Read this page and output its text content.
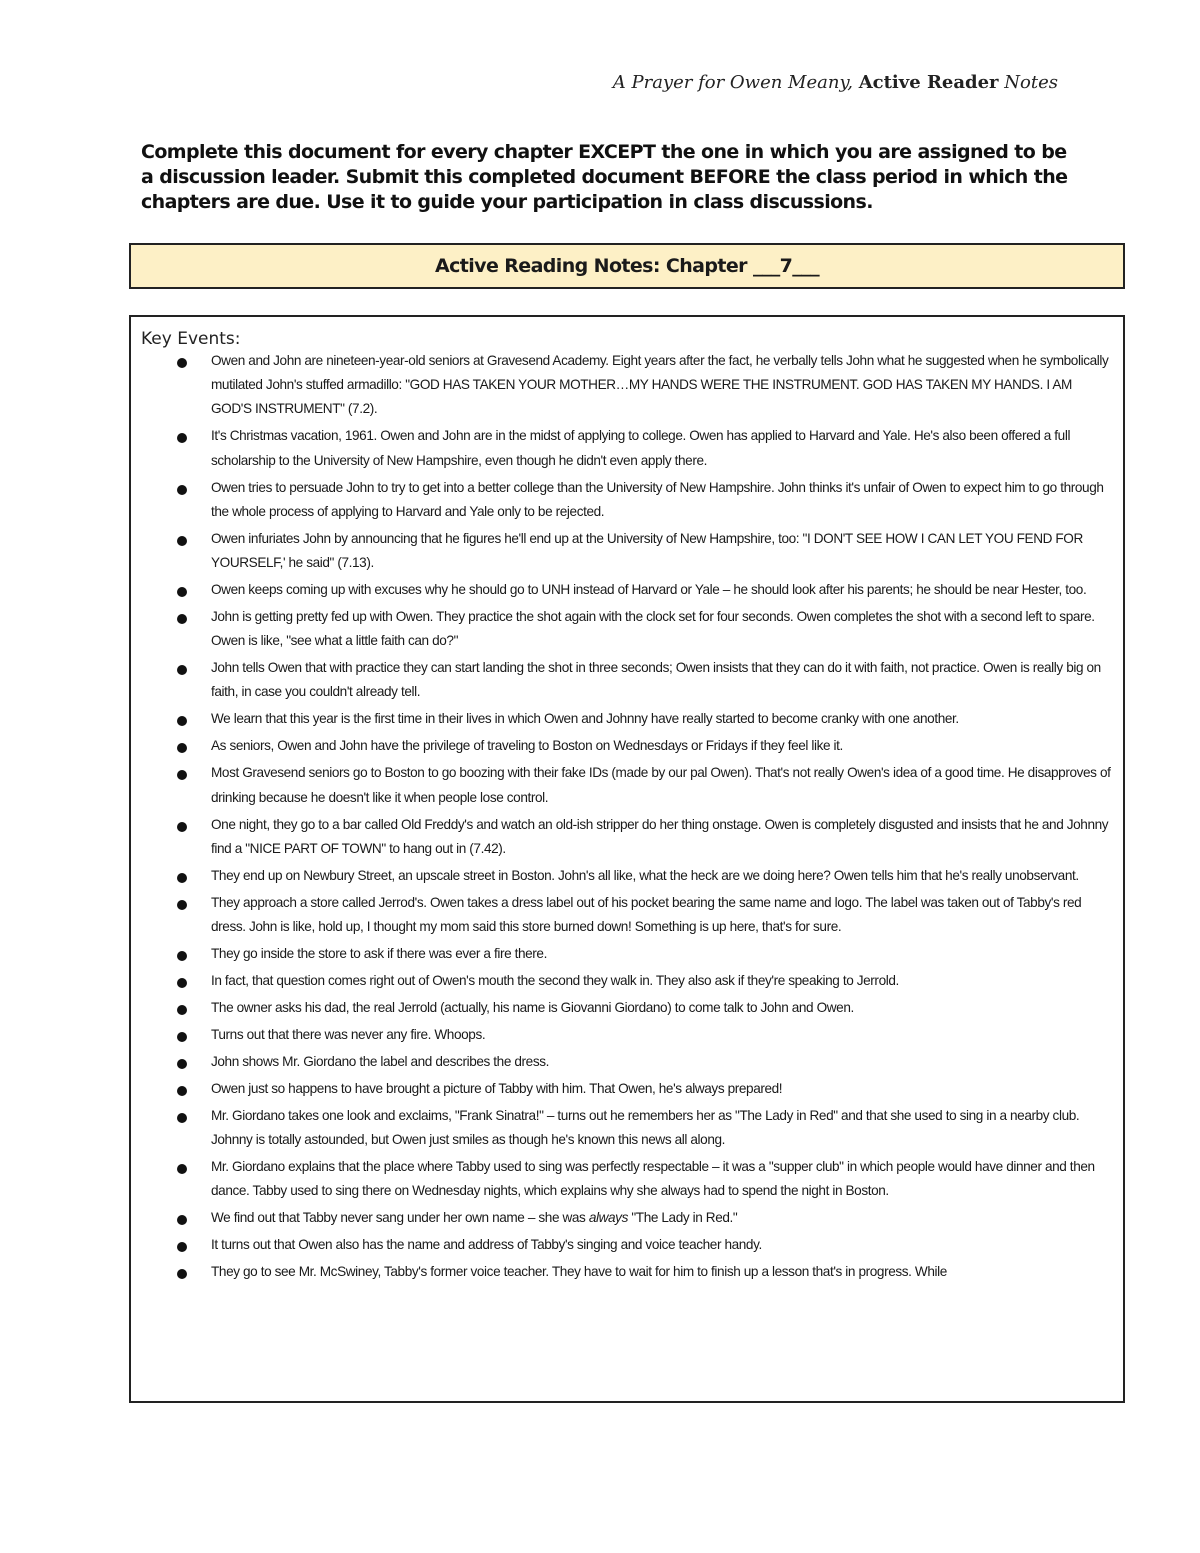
A Prayer for Owen Meany, Active Reader Notes
Complete this document for every chapter EXCEPT the one in which you are assigned to be a discussion leader. Submit this completed document BEFORE the class period in which the chapters are due. Use it to guide your participation in class discussions.
Active Reading Notes: Chapter ___7___
Key Events:
Owen and John are nineteen-year-old seniors at Gravesend Academy. Eight years after the fact, he verbally tells John what he suggested when he symbolically mutilated John's stuffed armadillo: "GOD HAS TAKEN YOUR MOTHER…MY HANDS WERE THE INSTRUMENT. GOD HAS TAKEN MY HANDS. I AM GOD'S INSTRUMENT" (7.2).
It's Christmas vacation, 1961. Owen and John are in the midst of applying to college. Owen has applied to Harvard and Yale. He's also been offered a full scholarship to the University of New Hampshire, even though he didn't even apply there.
Owen tries to persuade John to try to get into a better college than the University of New Hampshire. John thinks it's unfair of Owen to expect him to go through the whole process of applying to Harvard and Yale only to be rejected.
Owen infuriates John by announcing that he figures he'll end up at the University of New Hampshire, too: "I DON'T SEE HOW I CAN LET YOU FEND FOR YOURSELF,' he said" (7.13).
Owen keeps coming up with excuses why he should go to UNH instead of Harvard or Yale – he should look after his parents; he should be near Hester, too.
John is getting pretty fed up with Owen. They practice the shot again with the clock set for four seconds. Owen completes the shot with a second left to spare. Owen is like, "see what a little faith can do?"
John tells Owen that with practice they can start landing the shot in three seconds; Owen insists that they can do it with faith, not practice. Owen is really big on faith, in case you couldn't already tell.
We learn that this year is the first time in their lives in which Owen and Johnny have really started to become cranky with one another.
As seniors, Owen and John have the privilege of traveling to Boston on Wednesdays or Fridays if they feel like it.
Most Gravesend seniors go to Boston to go boozing with their fake IDs (made by our pal Owen). That's not really Owen's idea of a good time. He disapproves of drinking because he doesn't like it when people lose control.
One night, they go to a bar called Old Freddy's and watch an old-ish stripper do her thing onstage. Owen is completely disgusted and insists that he and Johnny find a "NICE PART OF TOWN" to hang out in (7.42).
They end up on Newbury Street, an upscale street in Boston. John's all like, what the heck are we doing here? Owen tells him that he's really unobservant.
They approach a store called Jerrod's. Owen takes a dress label out of his pocket bearing the same name and logo. The label was taken out of Tabby's red dress. John is like, hold up, I thought my mom said this store burned down! Something is up here, that's for sure.
They go inside the store to ask if there was ever a fire there.
In fact, that question comes right out of Owen's mouth the second they walk in. They also ask if they're speaking to Jerrold.
The owner asks his dad, the real Jerrold (actually, his name is Giovanni Giordano) to come talk to John and Owen.
Turns out that there was never any fire. Whoops.
John shows Mr. Giordano the label and describes the dress.
Owen just so happens to have brought a picture of Tabby with him. That Owen, he's always prepared!
Mr. Giordano takes one look and exclaims, "Frank Sinatra!" – turns out he remembers her as "The Lady in Red" and that she used to sing in a nearby club. Johnny is totally astounded, but Owen just smiles as though he's known this news all along.
Mr. Giordano explains that the place where Tabby used to sing was perfectly respectable – it was a "supper club" in which people would have dinner and then dance. Tabby used to sing there on Wednesday nights, which explains why she always had to spend the night in Boston.
We find out that Tabby never sang under her own name – she was always "The Lady in Red."
It turns out that Owen also has the name and address of Tabby's singing and voice teacher handy.
They go to see Mr. McSwiney, Tabby's former voice teacher. They have to wait for him to finish up a lesson that's in progress. While
